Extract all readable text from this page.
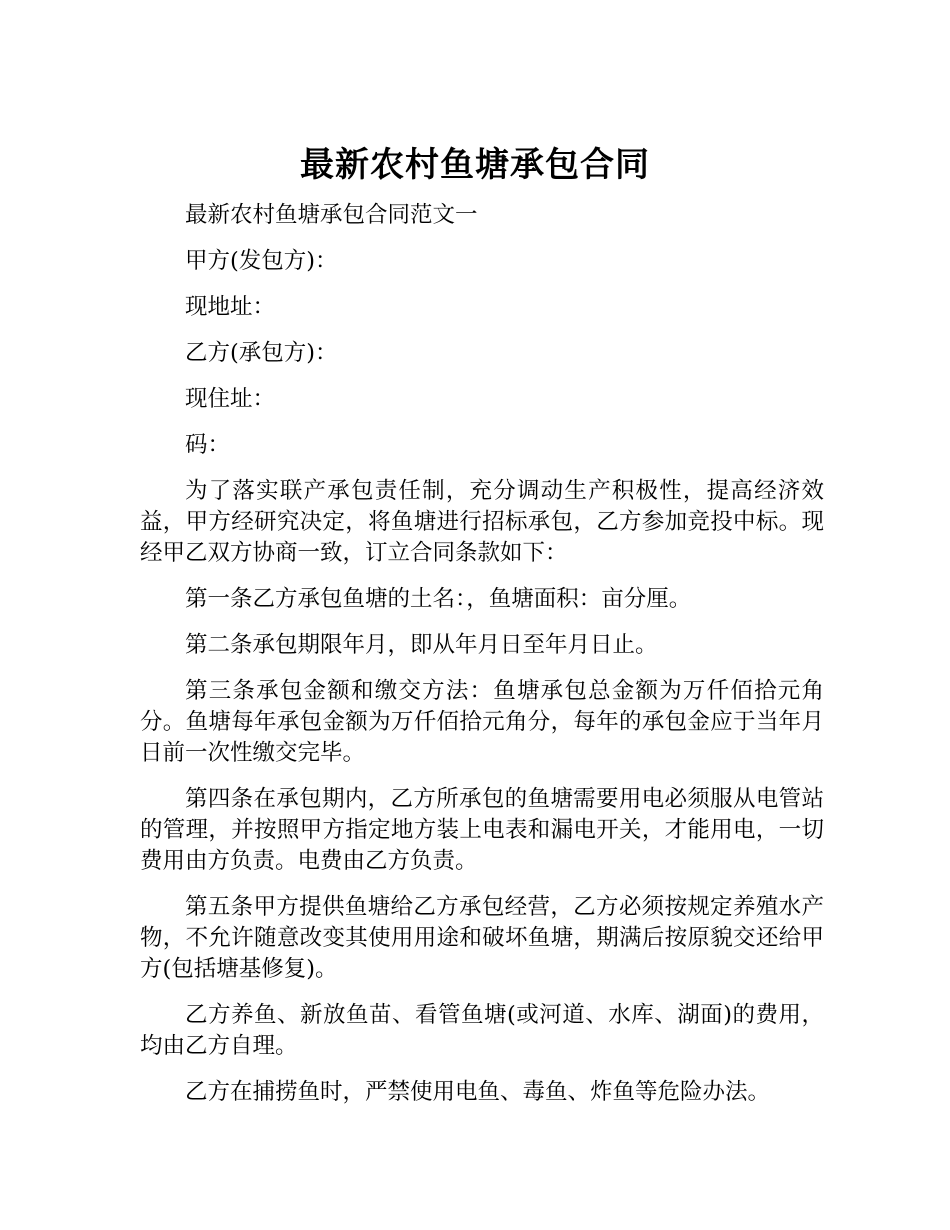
最新农村鱼塘承包合同

最新农村鱼塘承包合同范文一

甲方(发包方)：

现地址：

乙方(承包方)：

现住址：

码：

为了落实联产承包责任制，充分调动生产积极性，提高经济效益，甲方经研究决定，将鱼塘进行招标承包，乙方参加竞投中标。现经甲乙双方协商一致，订立合同条款如下：

第一条乙方承包鱼塘的土名：，鱼塘面积：亩分厘。

第二条承包期限年月，即从年月日至年月日止。

第三条承包金额和缴交方法：鱼塘承包总金额为万仟佰拾元角分。鱼塘每年承包金额为万仟佰拾元角分，每年的承包金应于当年月日前一次性缴交完毕。

第四条在承包期内，乙方所承包的鱼塘需要用电必须服从电管站的管理，并按照甲方指定地方装上电表和漏电开关，才能用电，一切费用由方负责。电费由乙方负责。

第五条甲方提供鱼塘给乙方承包经营，乙方必须按规定养殖水产物，不允许随意改变其使用用途和破坏鱼塘，期满后按原貌交还给甲方(包括塘基修复)。

乙方养鱼、新放鱼苗、看管鱼塘(或河道、水库、湖面)的费用，均由乙方自理。

乙方在捕捞鱼时，严禁使用电鱼、毒鱼、炸鱼等危险办法。
